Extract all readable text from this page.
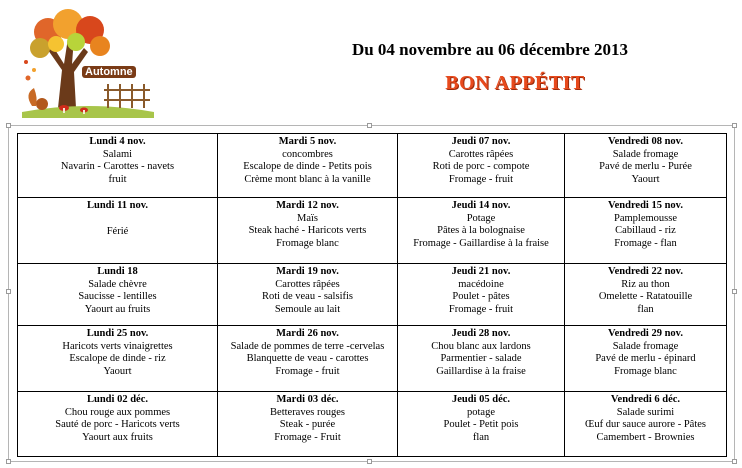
Automne
Du 04 novembre au 06 décembre 2013
BON APPÉTIT
Lundi 4 nov.
Salami
Navarin - Carottes - navets
fruit	Mardi 5 nov.
concombres
Escalope de dinde - Petits pois
Crème mont blanc à la vanille	Jeudi 07 nov.
Carottes râpées
Roti de porc - compote
Fromage - fruit	Vendredi 08 nov.
Salade fromage
Pavé de merlu - Purée
Yaourt

Lundi 11 nov.
Férié	Mardi 12 nov.
Maïs
Steak haché - Haricots verts
Fromage blanc	Jeudi 14 nov.
Potage
Pâtes à la bolognaise
Fromage - Gaillardise à la fraise	Vendredi 15 nov.
Pamplemousse
Cabillaud - riz
Fromage - flan

Lundi 18
Salade chèvre
Saucisse - lentilles
Yaourt au fruits	Mardi 19 nov.
Carottes râpées
Roti de veau - salsifis
Semoule au lait	Jeudi 21 nov.
macédoine
Poulet - pâtes
Fromage - fruit	Vendredi 22 nov.
Riz au thon
Omelette - Ratatouille
flan

Lundi 25 nov.
Haricots verts vinaigrettes
Escalope de dinde - riz
Yaourt	Mardi 26 nov.
Salade de pommes de terre -cervelas
Blanquette de veau - carottes
Fromage - fruit	Jeudi 28 nov.
Chou blanc aux lardons
Parmentier - salade
Gaillardise à la fraise	Vendredi 29 nov.
Salade fromage
Pavé de merlu - épinard
Fromage blanc

Lundi 02 déc.
Chou rouge aux pommes
Sauté de porc - Haricots verts
Yaourt aux fruits	Mardi 03 déc.
Betteraves rouges
Steak - purée
Fromage - Fruit	Jeudi 05 déc.
potage
Poulet - Petit pois
flan	Vendredi 6 déc.
Salade surimi
Œuf dur sauce aurore - Pâtes
Camembert - Brownies
